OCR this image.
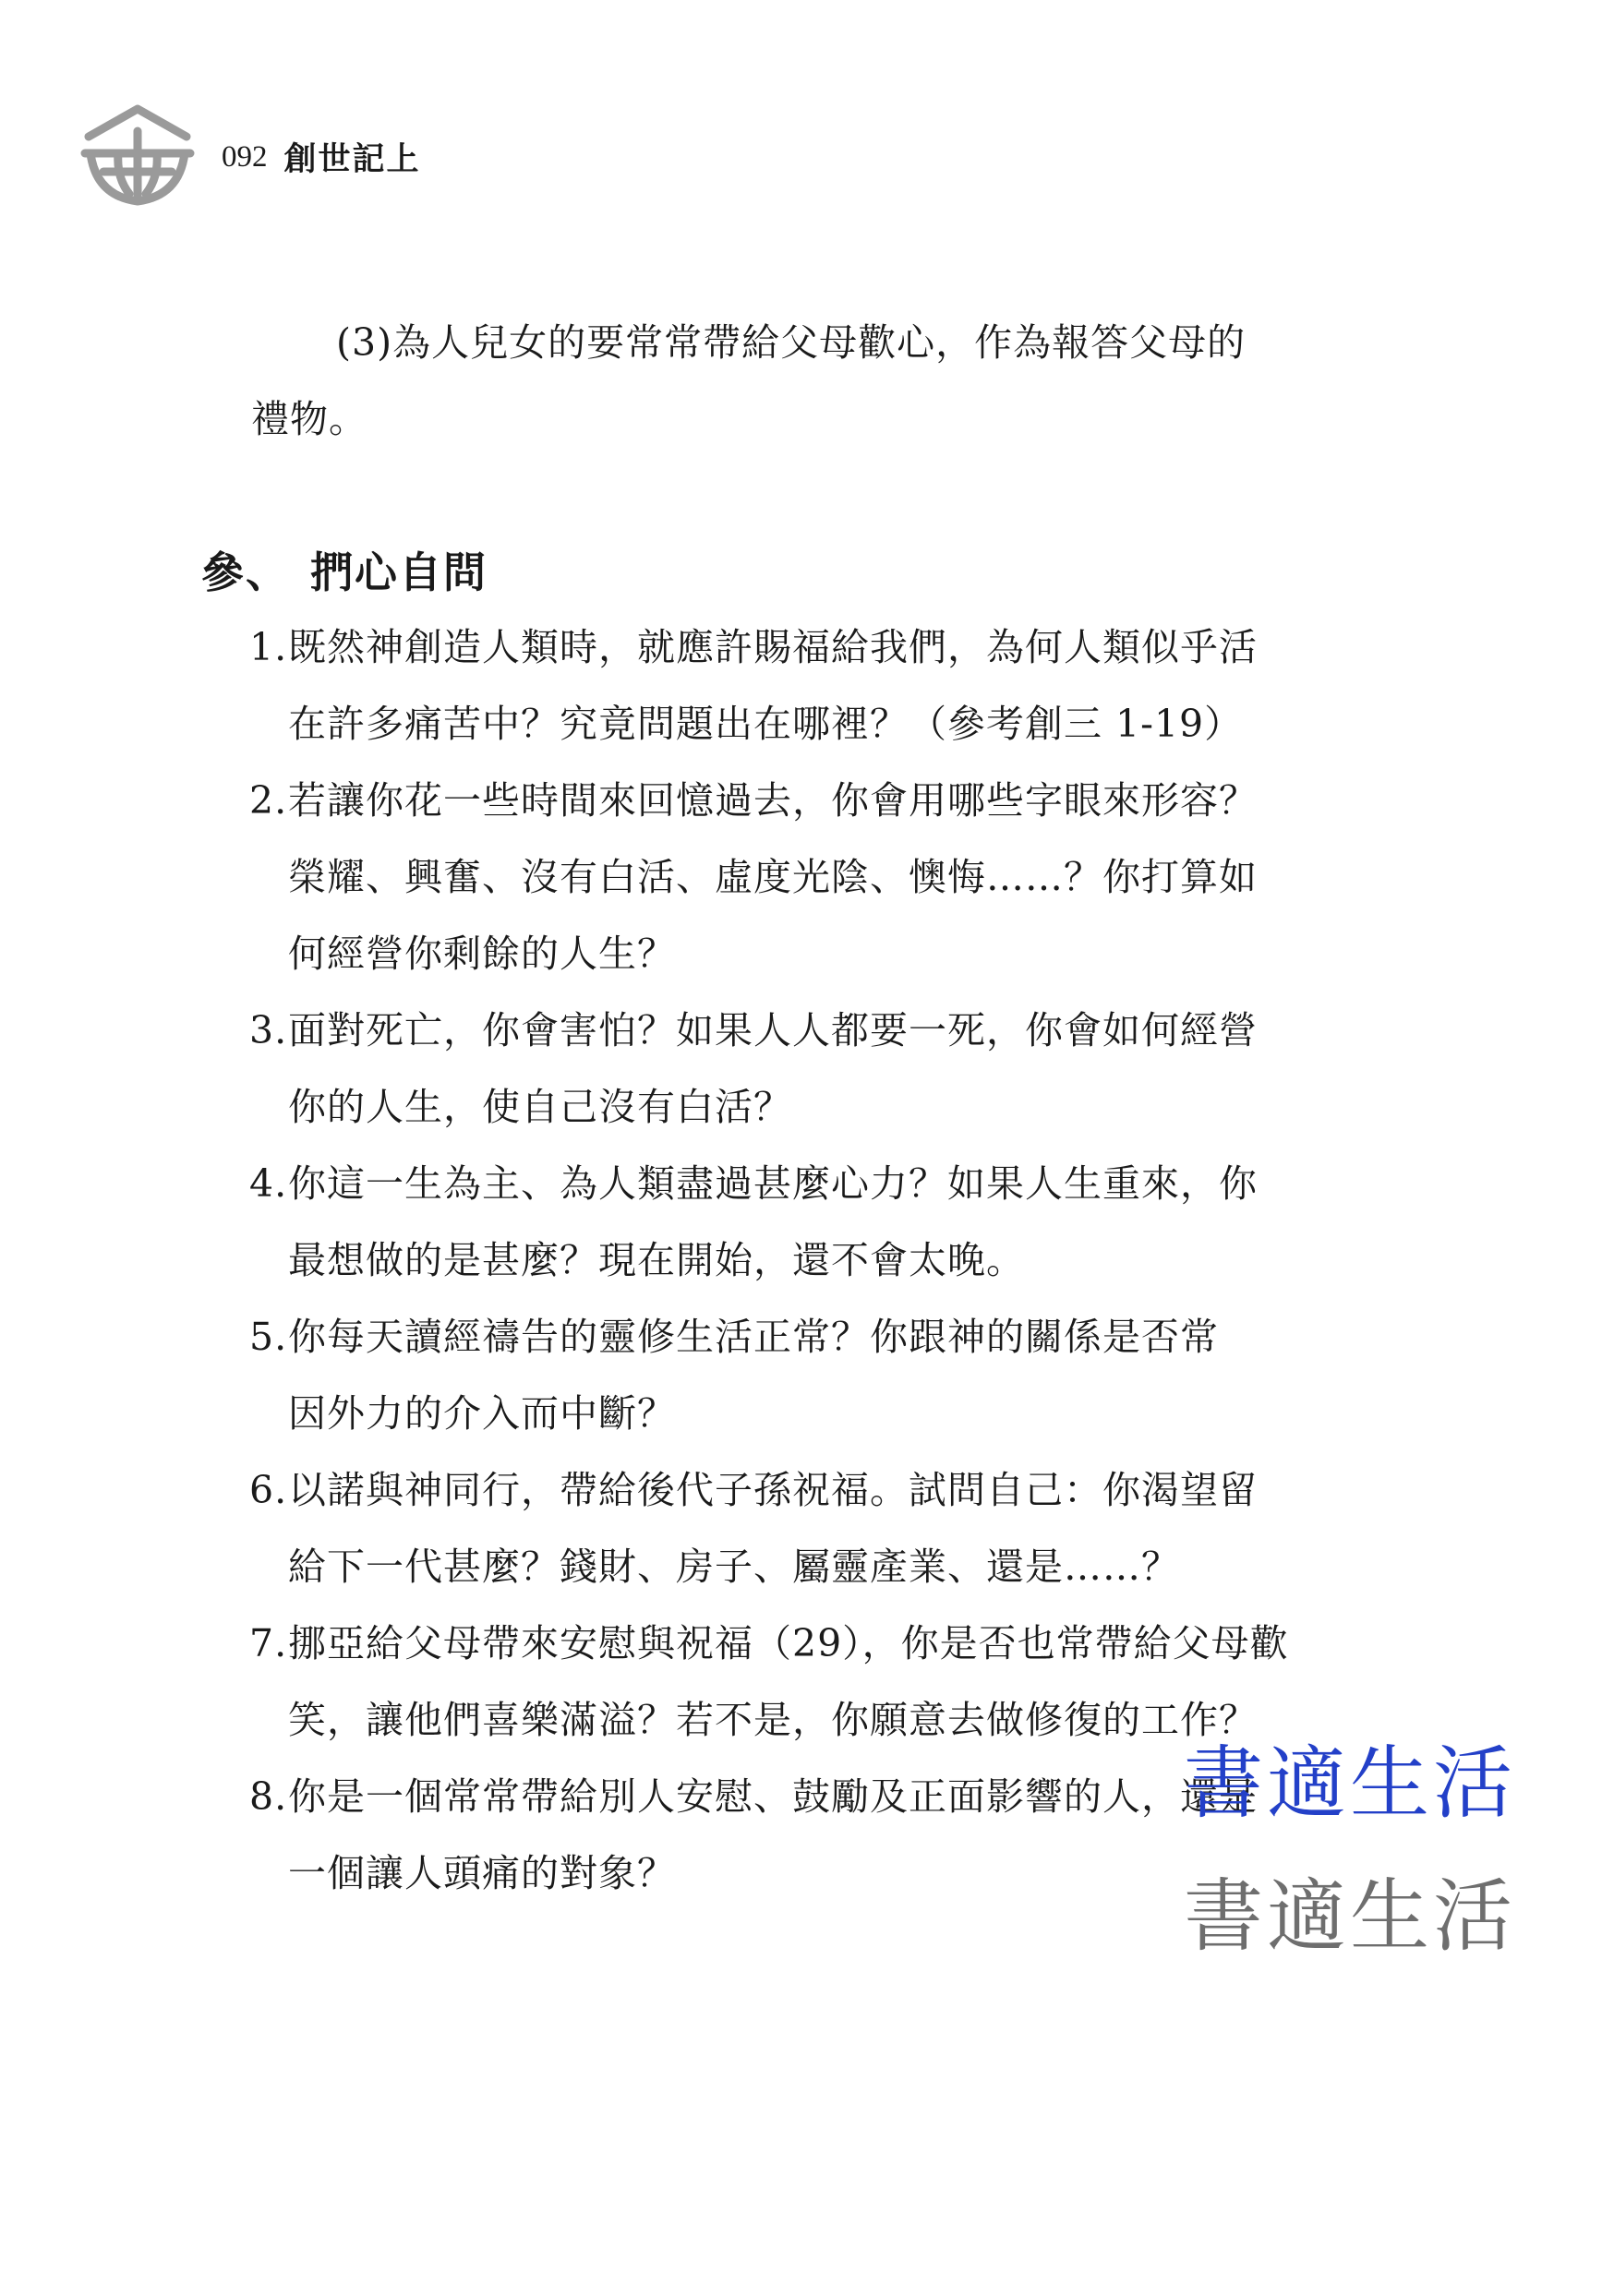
092 創世記上
(3)為人兒女的要常常帶給父母歡心，作為報答父母的
禮物。
參、 捫心自問
1.既然神創造人類時，就應許賜福給我們，為何人類似乎活
在許多痛苦中？究竟問題出在哪裡？（參考創三 1-19）
2.若讓你花一些時間來回憶過去，你會用哪些字眼來形容？
榮耀、興奮、沒有白活、虛度光陰、懊悔……？你打算如
何經營你剩餘的人生？
3.面對死亡，你會害怕？如果人人都要一死，你會如何經營
你的人生，使自己沒有白活？
4.你這一生為主、為人類盡過甚麼心力？如果人生重來，你
最想做的是甚麼？現在開始，還不會太晚。
5.你每天讀經禱告的靈修生活正常？你跟神的關係是否常
因外力的介入而中斷？
6.以諾與神同行，帶給後代子孫祝福。試問自己：你渴望留
給下一代甚麼？錢財、房子、屬靈產業、還是……？
7.挪亞給父母帶來安慰與祝福（29），你是否也常帶給父母歡
笑，讓他們喜樂滿溢？若不是，你願意去做修復的工作？
8.你是一個常常帶給別人安慰、鼓勵及正面影響的人，還是
一個讓人頭痛的對象？
書適生活
書適生活
